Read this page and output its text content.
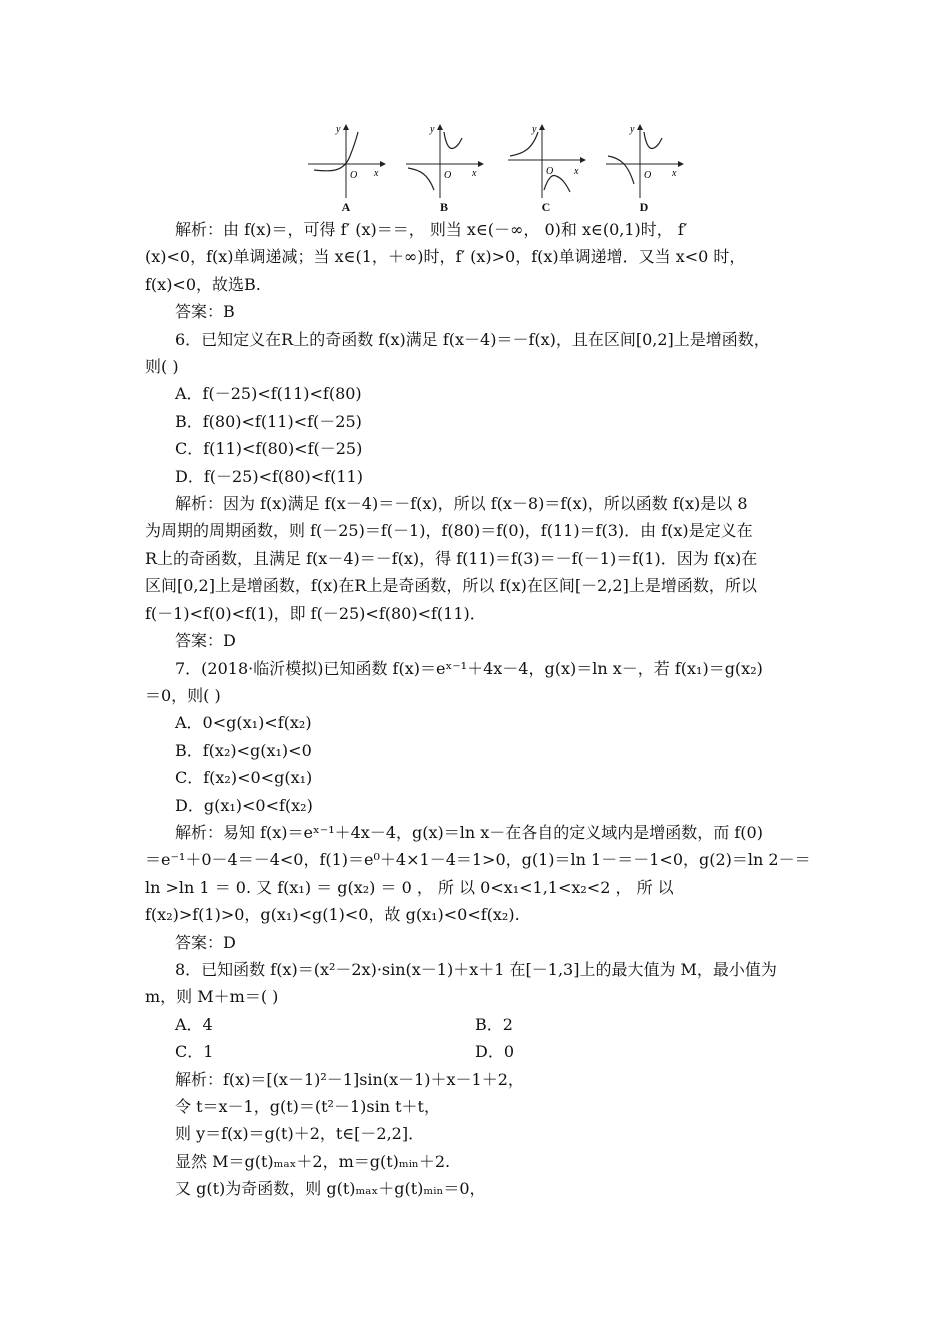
y
x
O
A
y
x
O
B
y
x
O
C
y
x
O
D
解析：由 f(x)＝，可得 f′ (x)＝＝， 则当 x∈(－∞， 0)和 x∈(0,1)时， f′
(x)<0，f(x)单调递减；当 x∈(1，＋∞)时，f′ (x)>0，f(x)单调递增．又当 x<0 时，
f(x)<0，故选B.
答案：B
6．已知定义在R上的奇函数 f(x)满足 f(x－4)＝－f(x)，且在区间[0,2]上是增函数，
则( )
A．f(－25)<f(11)<f(80)
B．f(80)<f(11)<f(－25)
C．f(11)<f(80)<f(－25)
D．f(－25)<f(80)<f(11)
解析：因为 f(x)满足 f(x－4)＝－f(x)，所以 f(x－8)＝f(x)，所以函数 f(x)是以 8
为周期的周期函数，则 f(－25)＝f(－1)，f(80)＝f(0)，f(11)＝f(3)．由 f(x)是定义在
R上的奇函数，且满足 f(x－4)＝－f(x)，得 f(11)＝f(3)＝－f(－1)＝f(1)．因为 f(x)在
区间[0,2]上是增函数，f(x)在R上是奇函数，所以 f(x)在区间[－2,2]上是增函数，所以
f(－1)<f(0)<f(1)，即 f(－25)<f(80)<f(11)．
答案：D
7．(2018·临沂模拟)已知函数 f(x)＝eˣ⁻¹＋4x－4，g(x)＝ln x－，若 f(x₁)＝g(x₂)
＝0，则( )
A．0<g(x₁)<f(x₂)
B．f(x₂)<g(x₁)<0
C．f(x₂)<0<g(x₁)
D．g(x₁)<0<f(x₂)
解析：易知 f(x)＝eˣ⁻¹＋4x－4，g(x)＝ln x－在各自的定义域内是增函数，而 f(0)
＝e⁻¹＋0－4＝－4<0，f(1)＝e⁰＋4×1－4＝1>0，g(1)＝ln 1－＝－1<0，g(2)＝ln 2－＝
ln >ln 1 ＝ 0. 又 f(x₁) ＝ g(x₂) ＝ 0 ， 所 以 0<x₁<1,1<x₂<2 ， 所 以
f(x₂)>f(1)>0，g(x₁)<g(1)<0，故 g(x₁)<0<f(x₂).
答案：D
8．已知函数 f(x)＝(x²－2x)·sin(x－1)＋x＋1 在[－1,3]上的最大值为 M，最小值为
m，则 M＋m＝( )
A．4	B．2
C．1	D．0
解析：f(x)＝[(x－1)²－1]sin(x－1)＋x－1＋2，
令 t＝x－1，g(t)＝(t²－1)sin t＋t，
则 y＝f(x)＝g(t)＋2，t∈[－2,2]．
显然 M＝g(t)ₘₐₓ＋2，m＝g(t)ₘᵢₙ＋2.
又 g(t)为奇函数，则 g(t)ₘₐₓ＋g(t)ₘᵢₙ＝0，
